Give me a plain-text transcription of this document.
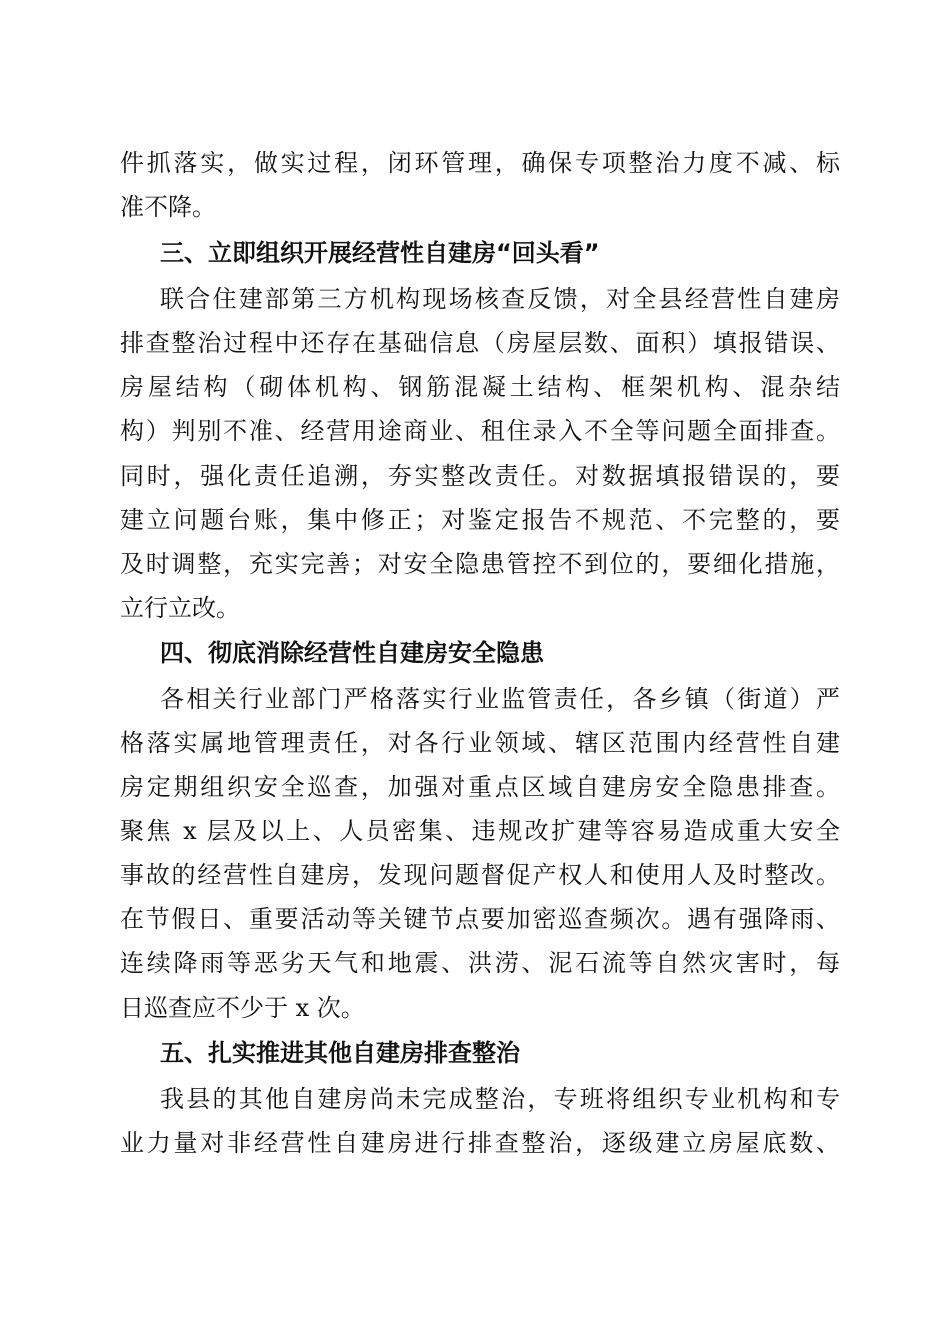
件抓落实，做实过程，闭环管理，确保专项整治力度不减、标
准不降。
三、立即组织开展经营性自建房“回头看”
联合住建部第三方机构现场核查反馈，对全县经营性自建房
排查整治过程中还存在基础信息（房屋层数、面积）填报错误、
房屋结构（砌体机构、钢筋混凝土结构、框架机构、混杂结
构）判别不准、经营用途商业、租住录入不全等问题全面排查。
同时，强化责任追溯，夯实整改责任。对数据填报错误的，要
建立问题台账，集中修正；对鉴定报告不规范、不完整的，要
及时调整，充实完善；对安全隐患管控不到位的，要细化措施，
立行立改。
四、彻底消除经营性自建房安全隐患
各相关行业部门严格落实行业监管责任，各乡镇（街道）严
格落实属地管理责任，对各行业领域、辖区范围内经营性自建
房定期组织安全巡查，加强对重点区域自建房安全隐患排查。
聚焦 x 层及以上、人员密集、违规改扩建等容易造成重大安全
事故的经营性自建房，发现问题督促产权人和使用人及时整改。
在节假日、重要活动等关键节点要加密巡查频次。遇有强降雨、
连续降雨等恶劣天气和地震、洪涝、泥石流等自然灾害时，每
日巡查应不少于 x 次。
五、扎实推进其他自建房排查整治
我县的其他自建房尚未完成整治，专班将组织专业机构和专
业力量对非经营性自建房进行排查整治，逐级建立房屋底数、
